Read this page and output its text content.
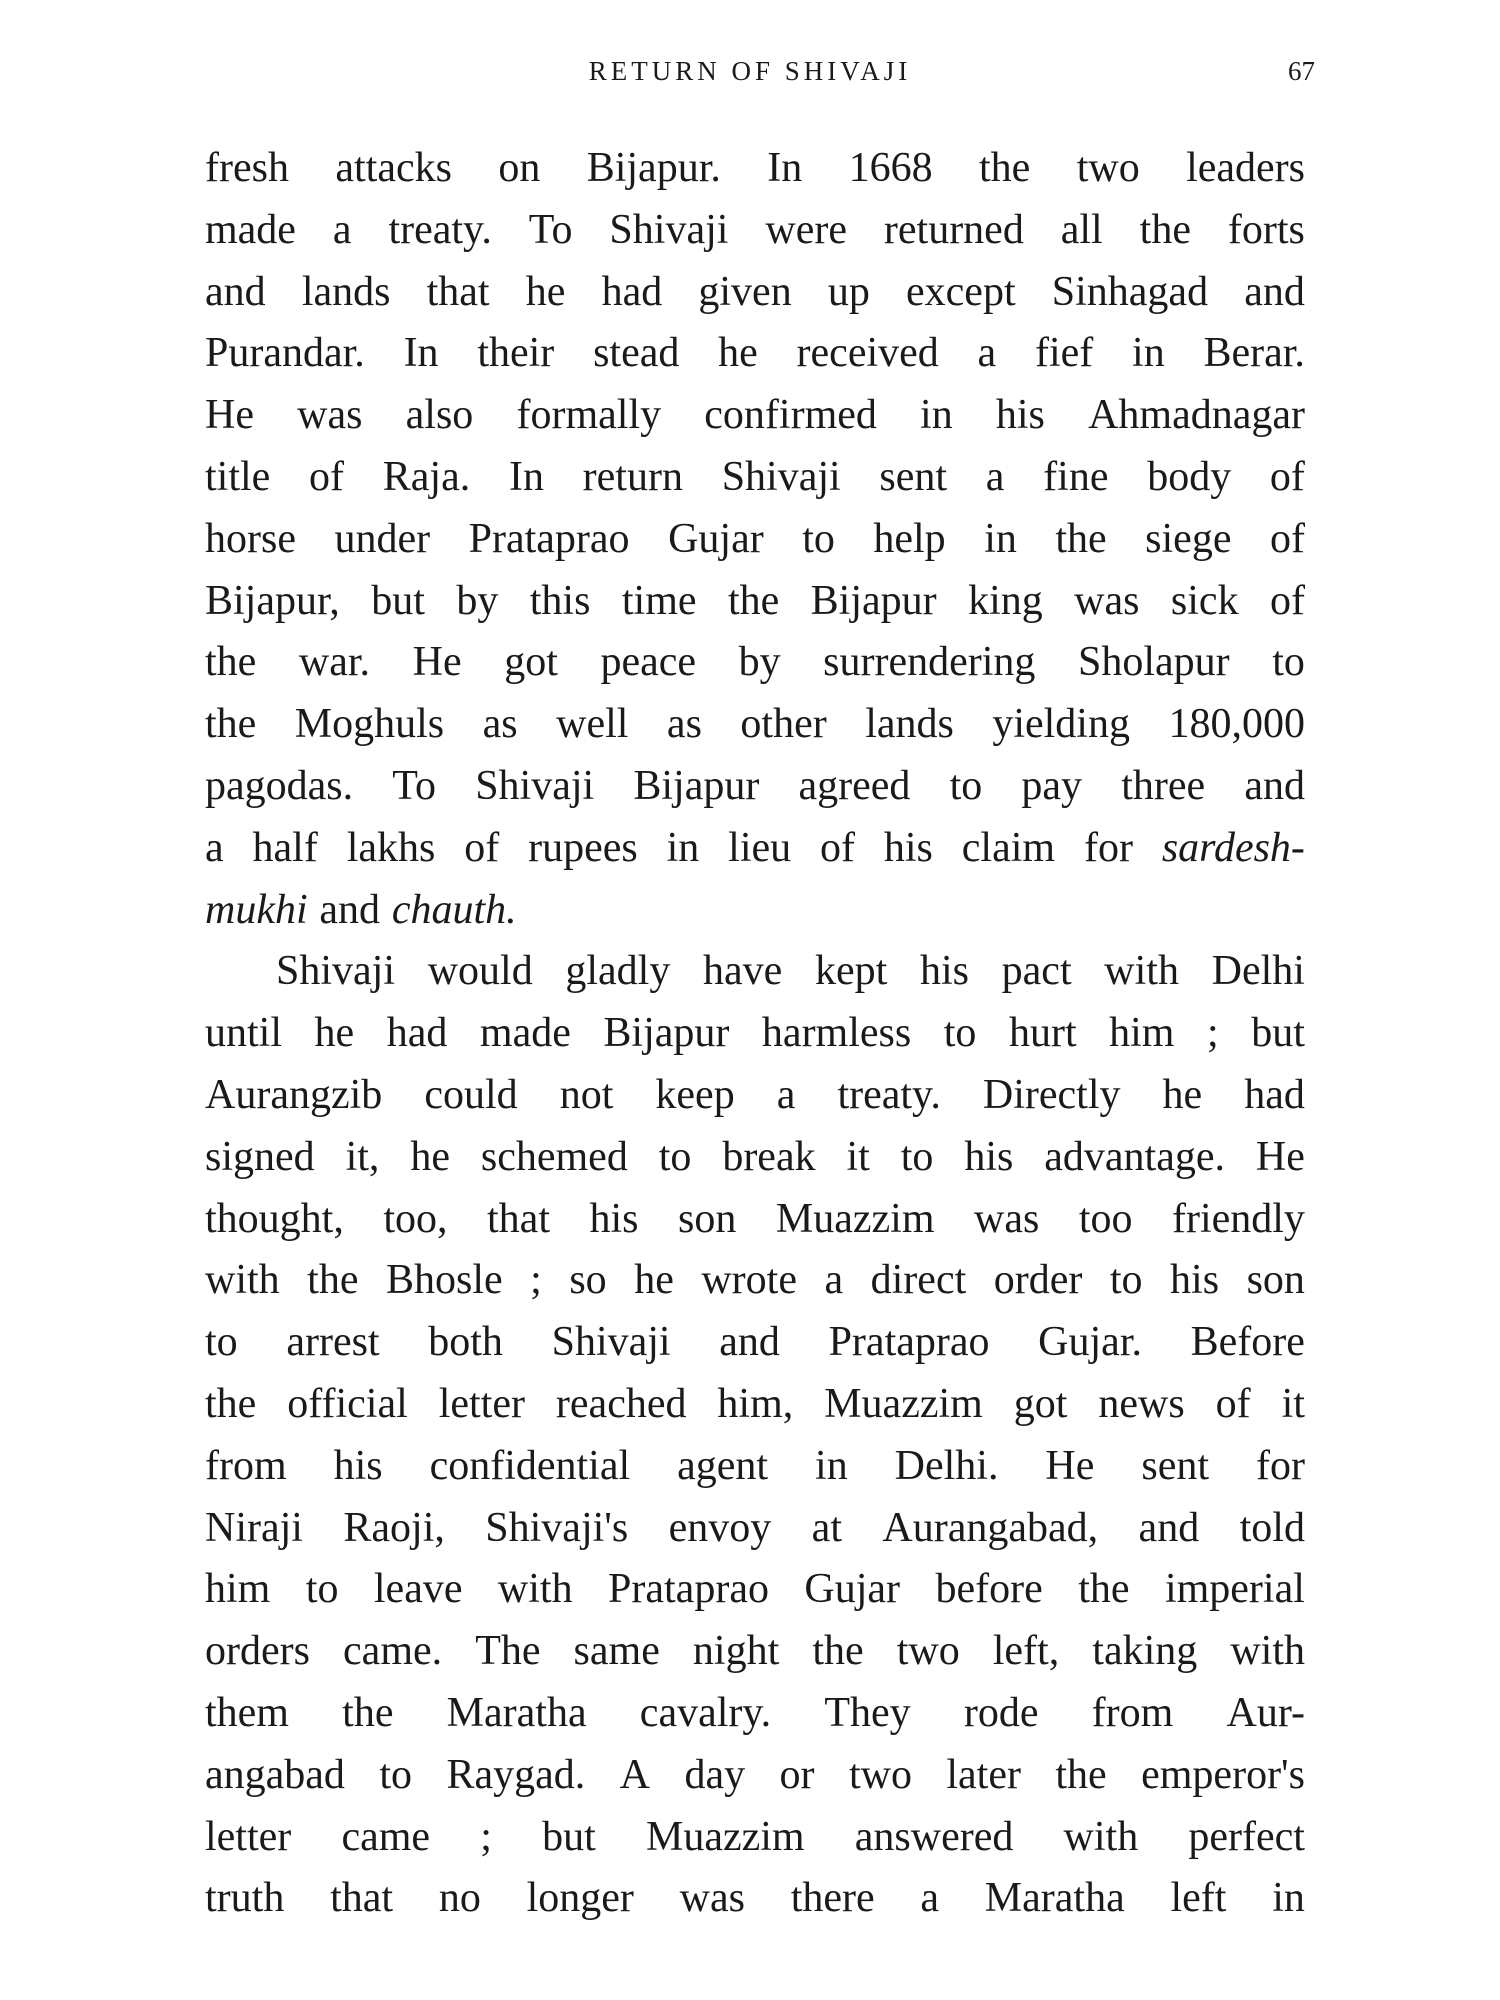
RETURN OF SHIVAJI	67
fresh attacks on Bijapur. In 1668 the two leaders
made a treaty. To Shivaji were returned all the forts
and lands that he had given up except Sinhagad and
Purandar. In their stead he received a fief in Berar.
He was also formally confirmed in his Ahmadnagar
title of Raja. In return Shivaji sent a fine body of
horse under Prataprao Gujar to help in the siege of
Bijapur, but by this time the Bijapur king was sick of
the war. He got peace by surrendering Sholapur to
the Moghuls as well as other lands yielding 180,000
pagodas. To Shivaji Bijapur agreed to pay three and
a half lakhs of rupees in lieu of his claim for sardesh-
mukhi and chauth.
Shivaji would gladly have kept his pact with Delhi
until he had made Bijapur harmless to hurt him ; but
Aurangzib could not keep a treaty. Directly he had
signed it, he schemed to break it to his advantage. He
thought, too, that his son Muazzim was too friendly
with the Bhosle ; so he wrote a direct order to his son
to arrest both Shivaji and Prataprao Gujar. Before
the official letter reached him, Muazzim got news of it
from his confidential agent in Delhi. He sent for
Niraji Raoji, Shivaji's envoy at Aurangabad, and told
him to leave with Prataprao Gujar before the imperial
orders came. The same night the two left, taking with
them the Maratha cavalry. They rode from Aur-
angabad to Raygad. A day or two later the emperor's
letter came ; but Muazzim answered with perfect
truth that no longer was there a Maratha left in
